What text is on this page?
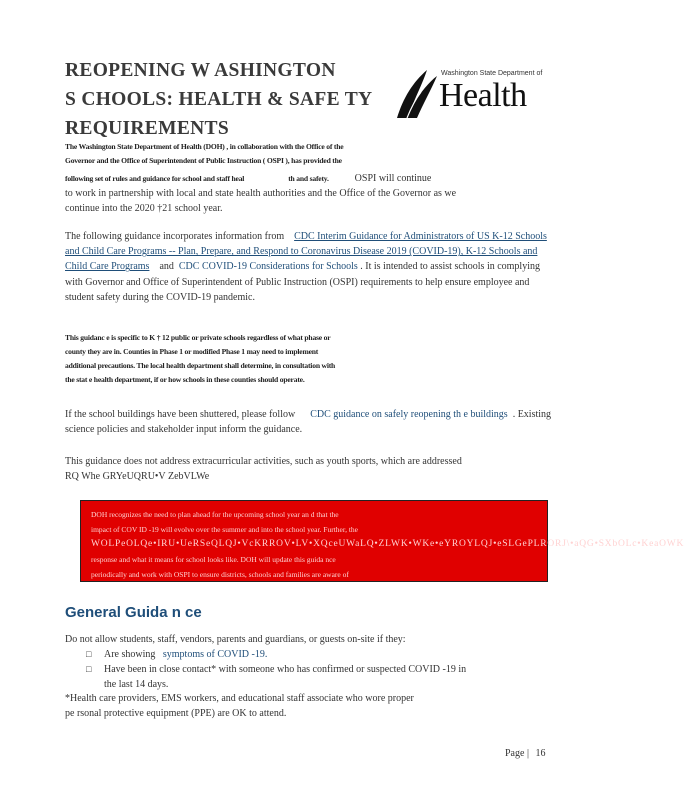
REOPENING W ASHINGTON
S CHOOLS: HEALTH & SAFE TY
REQUIREMENTS
Washington State Department of
Health
The Washington State Department of Health (DOH) , in collaboration with the Office of the
Governor and the Office of Superintendent of Public Instruction ( OSPI ), has provided the
following set of rules and guidance for school and staff heal	th and safety.	OSPI will continue
to work in partnership with local and state health authorities and the Office of the Governor as we
continue into the 2020 †21 school year.
The following guidance incorporates information from CDC Interim Guidance for Administrators of US K-12 Schools and Child Care Programs -- Plan, Prepare, and Respond to Coronavirus Disease 2019 (COVID-19), K-12 Schools and Child Care Programs and CDC COVID-19 Considerations for Schools . It is intended to assist schools in complying with Governor and Office of Superintendent of Public Instruction (OSPI) requirements to help ensure employee and student safety during the COVID-19 pandemic.
This guidanc e is specific to K † 12 public or private schools regardless of what phase or
county they are in. Counties in Phase 1 or modified Phase 1 may need to implement
additional precautions. The local health department shall determine, in consultation with
the stat e health department, if or how schools in these counties should operate.
If the school buildings have been shuttered, please follow CDC guidance on safely reopening th e buildings . Existing science policies and stakeholder input inform the guidance.
This guidance does not address extracurricular activities, such as youth sports, which are addressed
RQ Whe GRYeUQRU•V ZebVLWe
DOH recognizes the need to plan ahead for the upcoming school year an d that the
impact of COV ID -19 will evolve over the summer and into the school year. Further, the
WOLPeOLQe•IRU•UeRSeQLQJ•VcKRROV•LV•XQceUWaLQ•ZLWK•WKe•eYROYLQJ•eSLGePLRORJ\•aQG•SXbOLc•KeaOWK
response and what it means for school looks like. DOH will update this guida nce
periodically and work with OSPI to ensure districts, schools and families are aware of
General Guida n ce
Do not allow students, staff, vendors, parents and guardians, or guests on-site if they:
□ Are showing symptoms of COVID -19.
□ Have been in close contact* with someone who has confirmed or suspected COVID -19 in
the last 14 days.
*Health care providers, EMS workers, and educational staff associate who wore proper
pe rsonal protective equipment (PPE) are OK to attend.
Page | 16
